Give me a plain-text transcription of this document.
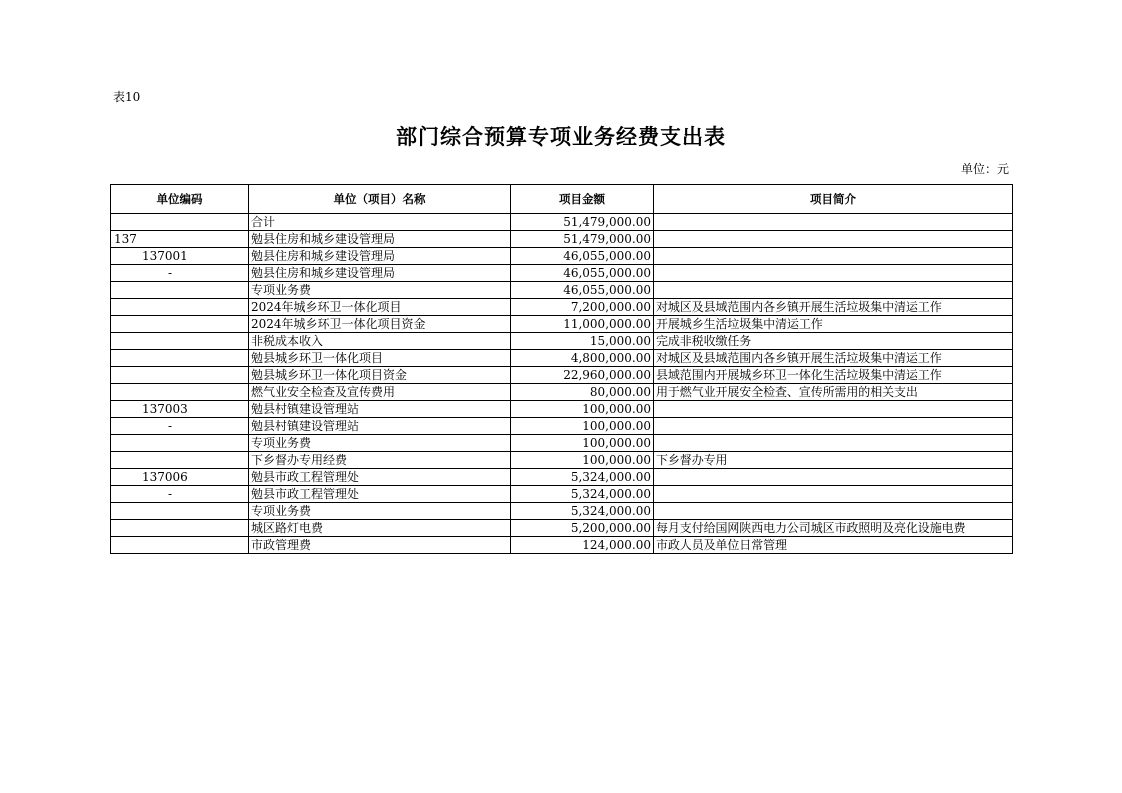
表10
部门综合预算专项业务经费支出表
单位：元
单位编码	单位（项目）名称	项目金额	项目简介
	合计	51,479,000.00	
137	勉县住房和城乡建设管理局	51,479,000.00	
137001	勉县住房和城乡建设管理局	46,055,000.00	
-	勉县住房和城乡建设管理局	46,055,000.00	
	专项业务费	46,055,000.00	
	2024年城乡环卫一体化项目	7,200,000.00	对城区及县域范围内各乡镇开展生活垃圾集中清运工作
	2024年城乡环卫一体化项目资金	11,000,000.00	开展城乡生活垃圾集中清运工作
	非税成本收入	15,000.00	完成非税收缴任务
	勉县城乡环卫一体化项目	4,800,000.00	对城区及县域范围内各乡镇开展生活垃圾集中清运工作
	勉县城乡环卫一体化项目资金	22,960,000.00	县域范围内开展城乡环卫一体化生活垃圾集中清运工作
	燃气业安全检查及宣传费用	80,000.00	用于燃气业开展安全检查、宣传所需用的相关支出
137003	勉县村镇建设管理站	100,000.00	
-	勉县村镇建设管理站	100,000.00	
	专项业务费	100,000.00	
	下乡督办专用经费	100,000.00	下乡督办专用
137006	勉县市政工程管理处	5,324,000.00	
-	勉县市政工程管理处	5,324,000.00	
	专项业务费	5,324,000.00	
	城区路灯电费	5,200,000.00	每月支付给国网陕西电力公司城区市政照明及亮化设施电费
	市政管理费	124,000.00	市政人员及单位日常管理
